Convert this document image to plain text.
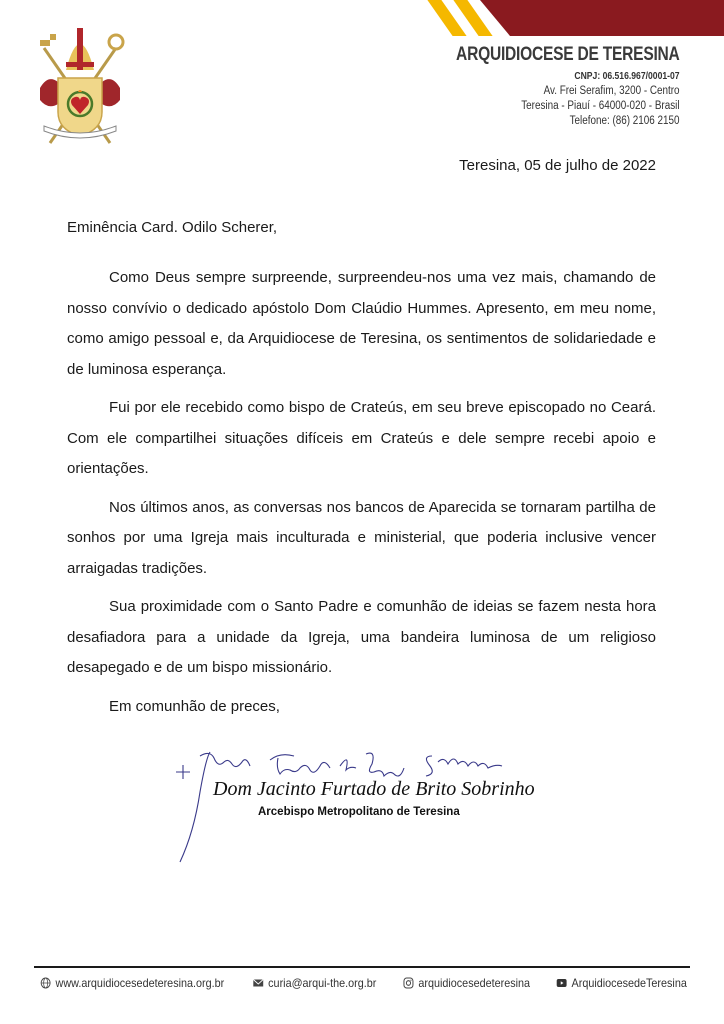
ARQUIDIOCESE DE TERESINA
CNPJ: 06.516.967/0001-07
Av. Frei Serafim, 3200 - Centro
Teresina - Piauí - 64000-020 - Brasil
Telefone: (86) 2106 2150
Teresina, 05 de julho de 2022
Eminência Card. Odilo Scherer,

Como Deus sempre surpreende, surpreendeu-nos uma vez mais, chamando de nosso convívio o dedicado apóstolo Dom Claúdio Hummes. Apresento, em meu nome, como amigo pessoal e, da Arquidiocese de Teresina, os sentimentos de solidariedade e de luminosa esperança.

Fui por ele recebido como bispo de Crateús, em seu breve episcopado no Ceará. Com ele compartilhei situações difíceis em Crateús e dele sempre recebi apoio e orientações.

Nos últimos anos, as conversas nos bancos de Aparecida se tornaram partilha de sonhos por uma Igreja mais inculturada e ministerial, que poderia inclusive vencer arraigadas tradições.

Sua proximidade com o Santo Padre e comunhão de ideias se fazem nesta hora desafiadora para a unidade da Igreja, uma bandeira luminosa de um religioso desapegado e de um bispo missionário.

Em comunhão de preces,

Dom Jacinto Furtado de Brito Sobrinho
Arcebispo Metropolitano de Teresina
www.arquidiocesedeteresina.org.br	curia@arqui-the.org.br	arquidiocesedeteresina	ArquidiocesedeTeresina
